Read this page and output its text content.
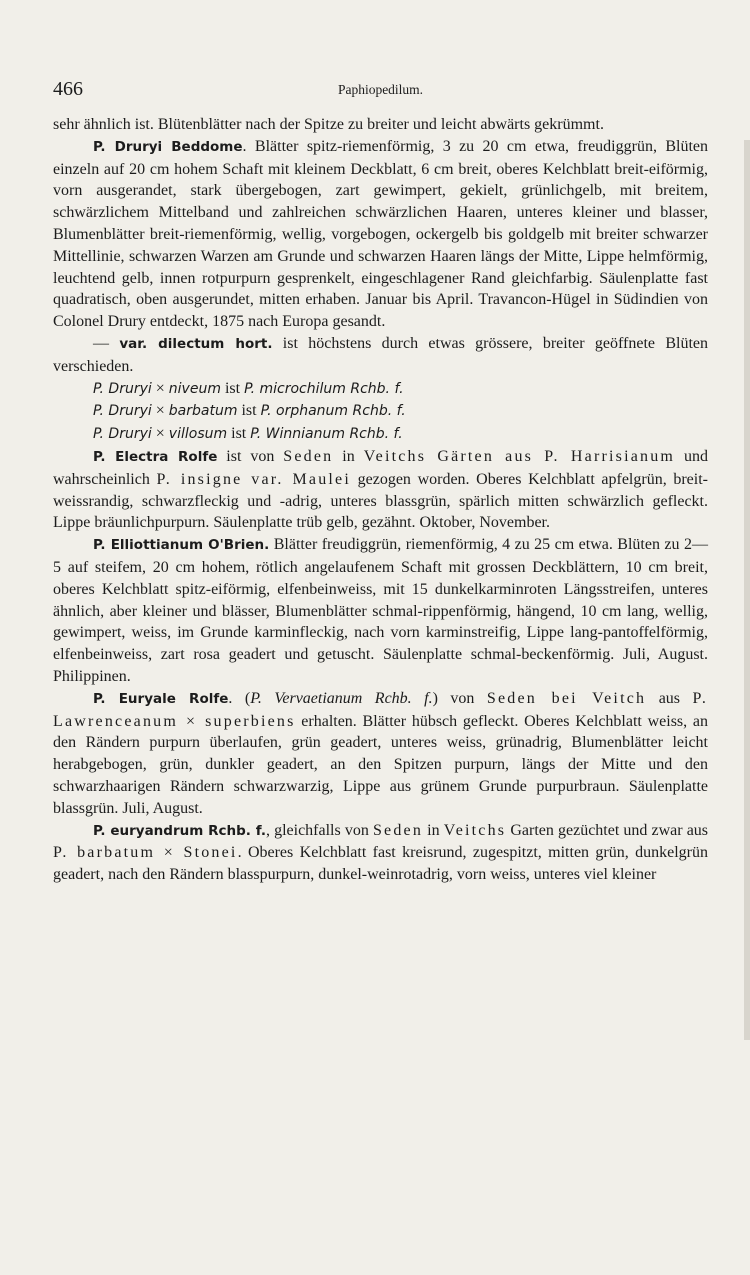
466	Paphiopedilum.

sehr ähnlich ist. Blütenblätter nach der Spitze zu breiter und leicht abwärts gekrümmt.

P. Druryi Beddome. Blätter spitz-riemenförmig, 3 zu 20 cm etwa, freudiggrün, Blüten einzeln auf 20 cm hohem Schaft mit kleinem Deckblatt, 6 cm breit, oberes Kelchblatt breit-eiförmig, vorn ausgerandet, stark übergebogen, zart gewimpert, gekielt, grünlichgelb, mit breitem, schwärzlichem Mittelband und zahlreichen schwärzlichen Haaren, unteres kleiner und blasser, Blumenblätter breit-riemenförmig, wellig, vorgebogen, ockergelb bis goldgelb mit breiter schwarzer Mittellinie, schwarzen Warzen am Grunde und schwarzen Haaren längs der Mitte, Lippe helmförmig, leuchtend gelb, innen rotpurpurn gesprenkelt, eingeschlagener Rand gleichfarbig. Säulenplatte fast quadratisch, oben ausgerundet, mitten erhaben. Januar bis April. Travancon-Hügel in Südindien von Colonel Drury entdeckt, 1875 nach Europa gesandt.

— var. dilectum hort. ist höchstens durch etwas grössere, breiter geöffnete Blüten verschieden.

P. Druryi × niveum ist P. microchilum Rchb. f.

P. Druryi × barbatum ist P. orphanum Rchb. f.

P. Druryi × villosum ist P. Winnianum Rchb. f.

P. Electra Rolfe ist von Seden in Veitchs Gärten aus P. Harrisianum und wahrscheinlich P. insigne var. Maulei gezogen worden. Oberes Kelchblatt apfelgrün, breit-weissrandig, schwarzfleckig und -adrig, unteres blassgrün, spärlich mitten schwärzlich gefleckt. Lippe bräunlichpurpurn. Säulenplatte trüb gelb, gezähnt. Oktober, November.

P. Elliottianum O'Brien. Blätter freudiggrün, riemenförmig, 4 zu 25 cm etwa. Blüten zu 2—5 auf steifem, 20 cm hohem, rötlich angelaufenem Schaft mit grossen Deckblättern, 10 cm breit, oberes Kelchblatt spitz-eiförmig, elfenbeinweiss, mit 15 dunkelkarminroten Längsstreifen, unteres ähnlich, aber kleiner und blässer, Blumenblätter schmal-rippenförmig, hängend, 10 cm lang, wellig, gewimpert, weiss, im Grunde karminfleckig, nach vorn karminstreifig, Lippe lang-pantoffelförmig, elfenbeinweiss, zart rosa geadert und getuscht. Säulenplatte schmal-beckenförmig. Juli, August. Philippinen.

P. Euryale Rolfe. (P. Vervaetianum Rchb. f.) von Seden bei Veitch aus P. Lawrenceanum × superbiens erhalten. Blätter hübsch gefleckt. Oberes Kelchblatt weiss, an den Rändern purpurn überlaufen, grün geadert, unteres weiss, grünadrig, Blumenblätter leicht herabgebogen, grün, dunkler geadert, an den Spitzen purpurn, längs der Mitte und den schwarzhaarigen Rändern schwarzwarzig, Lippe aus grünem Grunde purpurbraun. Säulenplatte blassgrün. Juli, August.

P. euryandrum Rchb. f., gleichfalls von Seden in Veitchs Garten gezüchtet und zwar aus P. barbatum × Stonei. Oberes Kelchblatt fast kreisrund, zugespitzt, mitten grün, dunkelgrün geadert, nach den Rändern blasspurpurn, dunkel-weinrotadrig, vorn weiss, unteres viel kleiner
